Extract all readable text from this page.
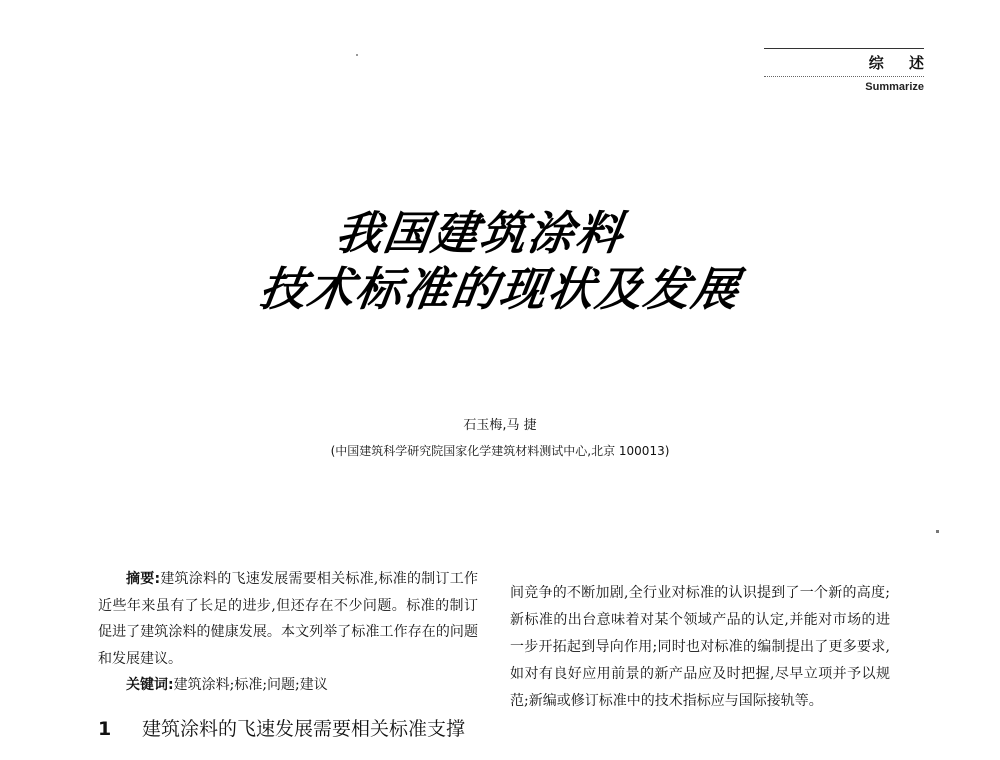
综 述
Summarize
我国建筑涂料
技术标准的现状及发展
石玉梅,马 捷
(中国建筑科学研究院国家化学建筑材料测试中心,北京 100013)

摘要:建筑涂料的飞速发展需要相关标准,标准的制订工作近些年来虽有了长足的进步,但还存在不少问题。标准的制订促进了建筑涂料的健康发展。本文列举了标准工作存在的问题和发展建议。

关键词:建筑涂料;标准;问题;建议

1 建筑涂料的飞速发展需要相关标准支撑

间竞争的不断加剧,全行业对标准的认识提到了一个新的高度;新标准的出台意味着对某个领域产品的认定,并能对市场的进一步开拓起到导向作用;同时也对标准的编制提出了更多要求,如对有良好应用前景的新产品应及时把握,尽早立项并予以规范;新编或修订标准中的技术指标应与国际接轨等。
